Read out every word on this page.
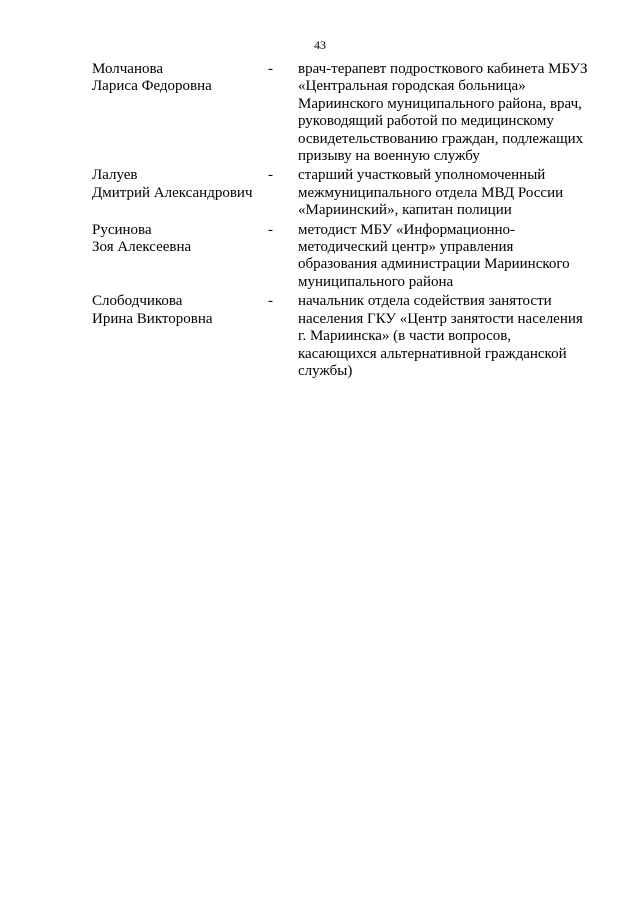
43
Молчанова
Лариса Федоровна
-	врач-терапевт подросткового кабинета МБУЗ
«Центральная городская больница»
Мариинского муниципального района, врач,
руководящий работой по медицинскому
освидетельствованию граждан, подлежащих
призыву на военную службу
Лалуев
Дмитрий Александрович
-	старший участковый уполномоченный
межмуниципального отдела МВД России
«Мариинский», капитан полиции
Русинова
Зоя Алексеевна
-	методист МБУ «Информационно-
методический центр» управления
образования администрации Мариинского
муниципального района
Слободчикова
Ирина Викторовна
-	начальник отдела содействия занятости
населения ГКУ «Центр занятости населения
г. Мариинска» (в части вопросов,
касающихся альтернативной гражданской
службы)
